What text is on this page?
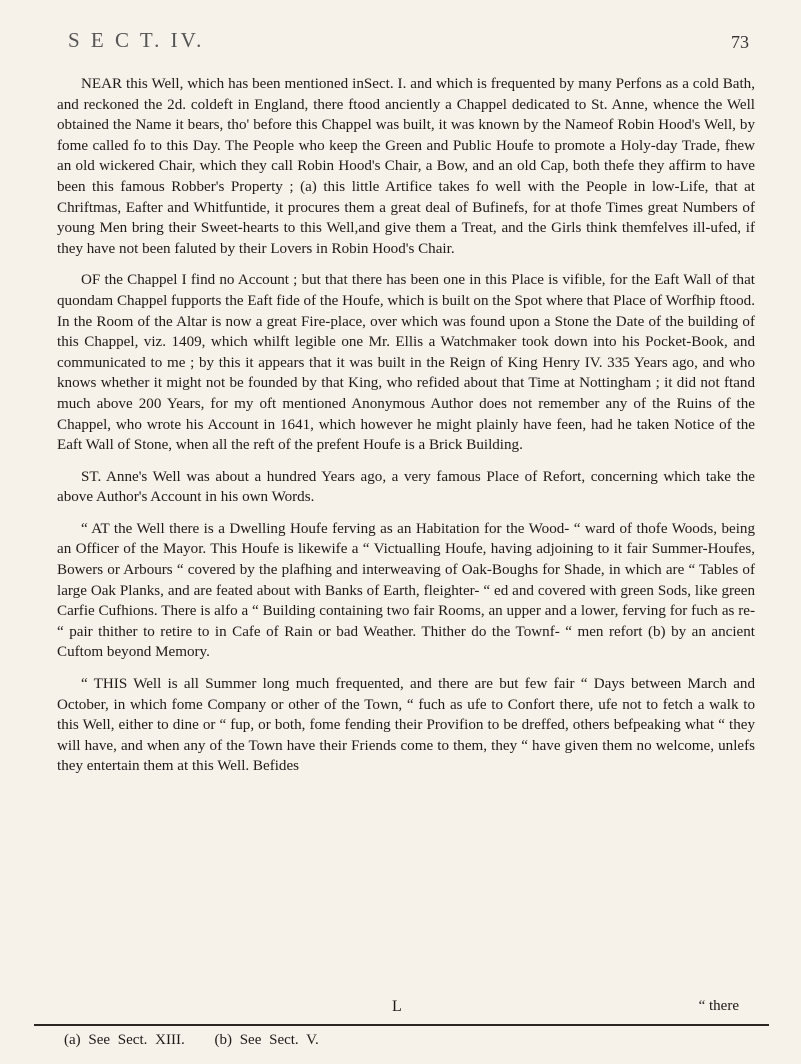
S E C T. IV.	73

NEAR this Well, which has been mentioned inSect. I. and which is frequented by many Perfons as a cold Bath, and reckoned the 2d. coldeft in England, there ftood anciently a Chappel dedicated to St. Anne, whence the Well obtained the Name it bears, tho' before this Chappel was built, it was known by the Nameof Robin Hood's Well, by fome called fo to this Day. The People who keep the Green and Public Houfe to promote a Holy-day Trade, fhew an old wickered Chair, which they call Robin Hood's Chair, a Bow, and an old Cap, both thefe they affirm to have been this famous Robber's Property ; (a) this little Artifice takes fo well with the People in low-Life, that at Chriftmas, Eafter and Whitfuntide, it procures them a great deal of Bufinefs, for at thofe Times great Numbers of young Men bring their Sweet-hearts to this Well,and give them a Treat, and the Girls think themfelves ill-ufed, if they have not been faluted by their Lovers in Robin Hood's Chair.

OF the Chappel I find no Account ; but that there has been one in this Place is vifible, for the Eaft Wall of that quondam Chappel fupports the Eaft fide of the Houfe, which is built on the Spot where that Place of Worfhip ftood. In the Room of the Altar is now a great Fire-place, over which was found upon a Stone the Date of the building of this Chappel, viz. 1409, which whilft legible one Mr. Ellis a Watchmaker took down into his Pocket-Book, and communicated to me ; by this it appears that it was built in the Reign of King Henry IV. 335 Years ago, and who knows whether it might not be founded by that King, who refided about that Time at Nottingham ; it did not ftand much above 200 Years, for my oft mentioned Anonymous Author does not remember any of the Ruins of the Chappel, who wrote his Account in 1641, which however he might plainly have feen, had he taken Notice of the Eaft Wall of Stone, when all the reft of the prefent Houfe is a Brick Building.

ST. Anne's Well was about a hundred Years ago, a very famous Place of Refort, concerning which take the above Author's Account in his own Words.

“ AT the Well there is a Dwelling Houfe ferving as an Habitation for the Wood- “ ward of thofe Woods, being an Officer of the Mayor. This Houfe is likewife a “ Victualling Houfe, having adjoining to it fair Summer-Houfes, Bowers or Arbours “ covered by the plafhing and interweaving of Oak-Boughs for Shade, in which are “ Tables of large Oak Planks, and are feated about with Banks of Earth, fleighter- “ ed and covered with green Sods, like green Carfie Cufhions. There is alfo a “ Building containing two fair Rooms, an upper and a lower, ferving for fuch as re- “ pair thither to retire to in Cafe of Rain or bad Weather. Thither do the Townf- “ men refort (b) by an ancient Cuftom beyond Memory.

“ THIS Well is all Summer long much frequented, and there are but few fair “ Days between March and October, in which fome Company or other of the Town, “ fuch as ufe to Confort there, ufe not to fetch a walk to this Well, either to dine or “ fup, or both, fome fending their Provifion to be dreffed, others befpeaking what “ they will have, and when any of the Town have their Friends come to them, they “ have given them no welcome, unlefs they entertain them at this Well. Befides

L	“ there
(a) See Sect. XIII. (b) See Sect. V.
